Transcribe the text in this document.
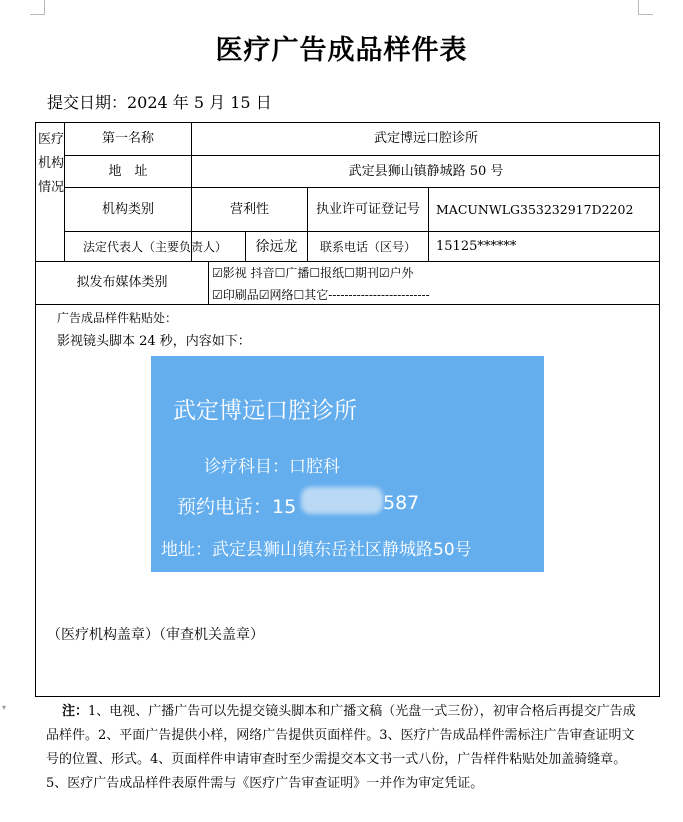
医疗广告成品样件表
提交日期：2024 年 5 月 15 日
医疗机构情况
第一名称	武定博远口腔诊所
地　址	武定县狮山镇静城路 50 号
机构类别	营利性	执业许可证登记号	MACUNWLG353232917D2202
法定代表人（主要负责人）	徐远龙	联系电话（区号）	15125******
拟发布媒体类别
☑影视 抖音☐广播☐报纸☐期刊☑户外
☑印刷品☑网络☐其它-------------------------
广告成品样件粘贴处：
影视镜头脚本 24 秒，内容如下：
武定博远口腔诊所
诊疗科目：口腔科
预约电话：15	587
地址：武定县狮山镇东岳社区静城路50号
（医疗机构盖章）（审查机关盖章）
▾	注：1、电视、广播广告可以先提交镜头脚本和广播文稿（光盘一式三份），初审合格后再提交广告成品样件。2、平面广告提供小样，网络广告提供页面样件。3、医疗广告成品样件需标注广告审查证明文号的位置、形式。4、页面样件申请审查时至少需提交本文书一式八份，广告样件粘贴处加盖骑缝章。5、医疗广告成品样件表原件需与《医疗广告审查证明》一并作为审定凭证。
